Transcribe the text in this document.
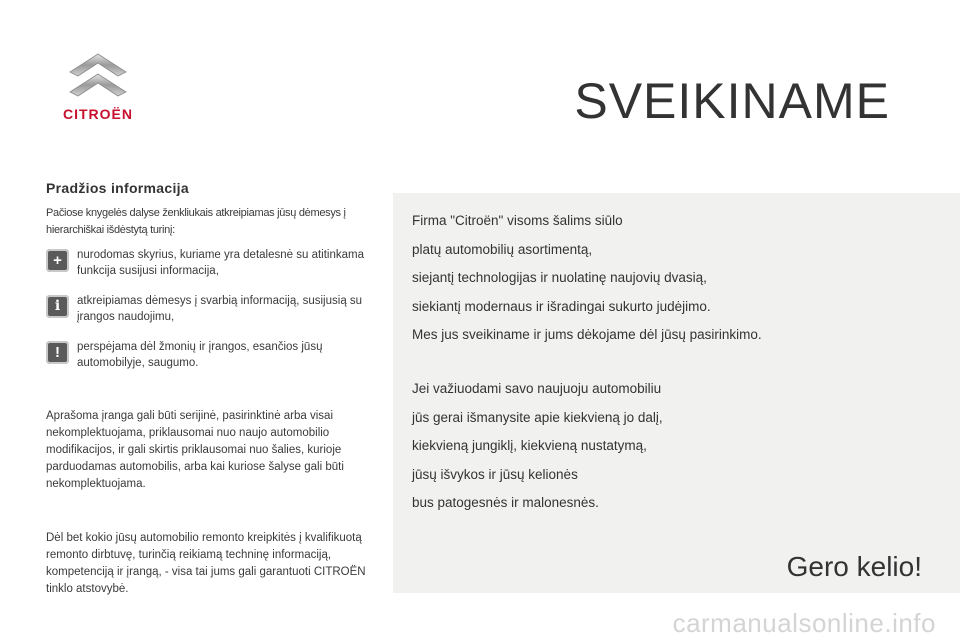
CITROËN	SVEIKINAME

Pradžios informacija

Pačiose knygelės dalyse ženkliukais atkreipiamas jūsų dėmesys į hierarchiškai išdėstytą turinį:

+	nurodomas skyrius, kuriame yra detalesnė su atitinkama funkcija susijusi informacija,
i	atkreipiamas dėmesys į svarbią informaciją, susijusią su įrangos naudojimu,
!	perspėjama dėl žmonių ir įrangos, esančios jūsų automobilyje, saugumo.

Aprašoma įranga gali būti serijinė, pasirinktinė arba visai nekomplektuojama, priklausomai nuo naujo automobilio modifikacijos, ir gali skirtis priklausomai nuo šalies, kurioje parduodamas automobilis, arba kai kuriose šalyse gali būti nekomplektuojama.

Dėl bet kokio jūsų automobilio remonto kreipkitės į kvalifikuotą remonto dirbtuvę, turinčią reikiamą techninę informaciją, kompetenciją ir įrangą, - visa tai jums gali garantuoti CITROËN tinklo atstovybė.

Firma "Citroën" visoms šalims siūlo
platų automobilių asortimentą,
siejantį technologijas ir nuolatinę naujovių dvasią,
siekiantį modernaus ir išradingai sukurto judėjimo.
Mes jus sveikiname ir jums dėkojame dėl jūsų pasirinkimo.
Jei važiuodami savo naujuoju automobiliu
jūs gerai išmanysite apie kiekvieną jo dalį,
kiekvieną jungiklį, kiekvieną nustatymą,
jūsų išvykos ir jūsų kelionės
bus patogesnės ir malonesnės.
Gero kelio!
carmanualsonline.info
